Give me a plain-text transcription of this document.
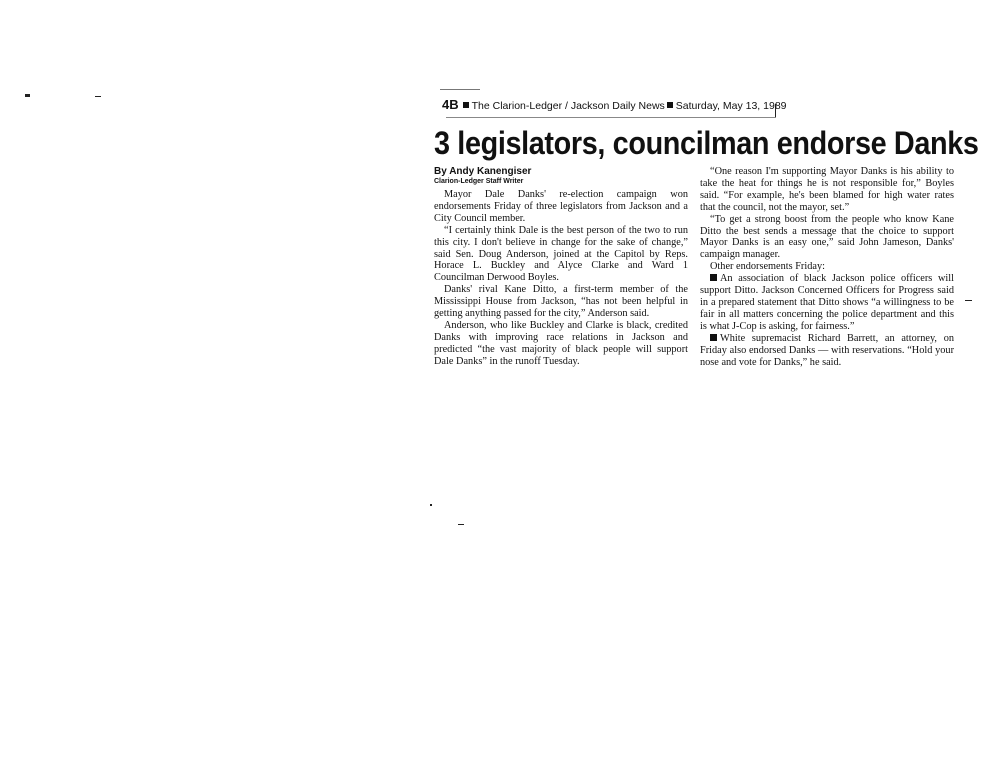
4B The Clarion-Ledger / Jackson Daily News Saturday, May 13, 1989
3 legislators, councilman endorse Danks
By Andy Kanengiser
Clarion-Ledger Staff Writer

Mayor Dale Danks' re-election campaign won endorsements Friday of three legislators from Jackson and a City Council member.

“I certainly think Dale is the best person of the two to run this city. I don't believe in change for the sake of change,” said Sen. Doug Anderson, joined at the Capitol by Reps. Horace L. Buckley and Alyce Clarke and Ward 1 Councilman Derwood Boyles.

Danks' rival Kane Ditto, a first-term member of the Mississippi House from Jackson, “has not been helpful in getting anything passed for the city,” Anderson said.

Anderson, who like Buckley and Clarke is black, credited Danks with improving race relations in Jackson and predicted “the vast majority of black people will support Dale Danks” in the runoff Tuesday.

“One reason I'm supporting Mayor Danks is his ability to take the heat for things he is not responsible for,” Boyles said. “For example, he's been blamed for high water rates that the council, not the mayor, set.”

“To get a strong boost from the people who know Kane Ditto the best sends a message that the choice to support Mayor Danks is an easy one,” said John Jameson, Danks' campaign manager.

Other endorsements Friday:

An association of black Jackson police officers will support Ditto. Jackson Concerned Officers for Progress said in a prepared statement that Ditto shows “a willingness to be fair in all matters concerning the police department and this is what J-Cop is asking, for fairness.”

White supremacist Richard Barrett, an attorney, on Friday also endorsed Danks — with reservations. “Hold your nose and vote for Danks,” he said.
